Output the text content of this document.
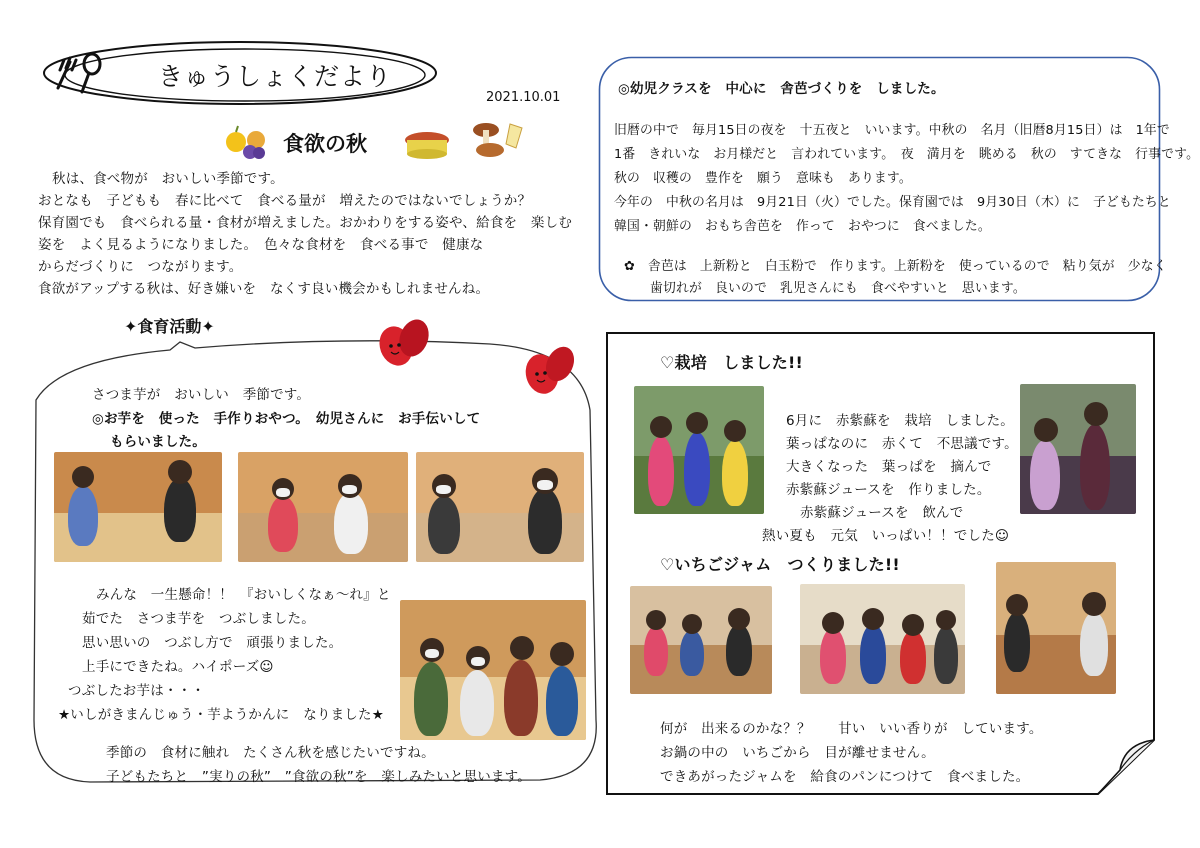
きゅうしょくだより
2021.10.01
食欲の秋
秋は、食べ物が　おいしい季節です。
おとなも　子どもも　春に比べて　食べる量が　増えたのではないでしょうか？
保育園でも　食べられる量・食材が増えました。おかわりをする姿や、給食を　楽しむ
姿を　よく見るようになりました。　色々な食材を　食べる事で　健康な
からだづくりに　つながります。
食欲がアップする秋は、好き嫌いを　なくす良い機会かもしれませんね。
✦食育活動✦
さつま芋が　おいしい　季節です。
◎お芋を　使った　手作りおやつ。　幼児さんに　お手伝いして
もらいました。
みんな　一生懸命！！　『おいしくなぁ～れ』と
茹でた　さつま芋を　つぶしました。
思い思いの　つぶし方で　頑張りました。
上手にできたね。ハイポーズ☺
つぶしたお芋は・・・
★いしがきまんじゅう・芋ようかんに　なりました★
季節の　食材に触れ　たくさん秋を感じたいですね。
子どもたちと　”実りの秋”　”食欲の秋”を　楽しみたいと思います。
◎幼児クラスを　中心に　舎芭づくりを　しました。
旧暦の中で　毎月15日の夜を　十五夜と　いいます。中秋の　名月（旧暦8月15日）は　1年で
1番　きれいな　お月様だと　言われています。　夜　満月を　眺める　秋の　すてきな　行事です。
秋の　収穫の　豊作を　願う　意味も　あります。
今年の　中秋の名月は　9月21日（火）でした。保育園では　9月30日（木）に　子どもたちと
韓国・朝鮮の　おもち舎芭を　作って　おやつに　食べました。
✿　舎芭は　上新粉と　白玉粉で　作ります。上新粉を　使っているので　粘り気が　少なく
歯切れが　良いので　乳児さんにも　食べやすいと　思います。
♡栽培　しました!!
6月に　赤紫蘇を　栽培　しました。
葉っぱなのに　赤くて　不思議です。
大きくなった　葉っぱを　摘んで
赤紫蘇ジュースを　作りました。
赤紫蘇ジュースを　飲んで
熱い夏も　元気　いっぱい！！でした☺
♡いちごジャム　つくりました!!
何が　出来るのかな？？　　甘い　いい香りが　しています。
お鍋の中の　いちごから　目が離せません。
できあがったジャムを　給食のパンにつけて　食べました。
